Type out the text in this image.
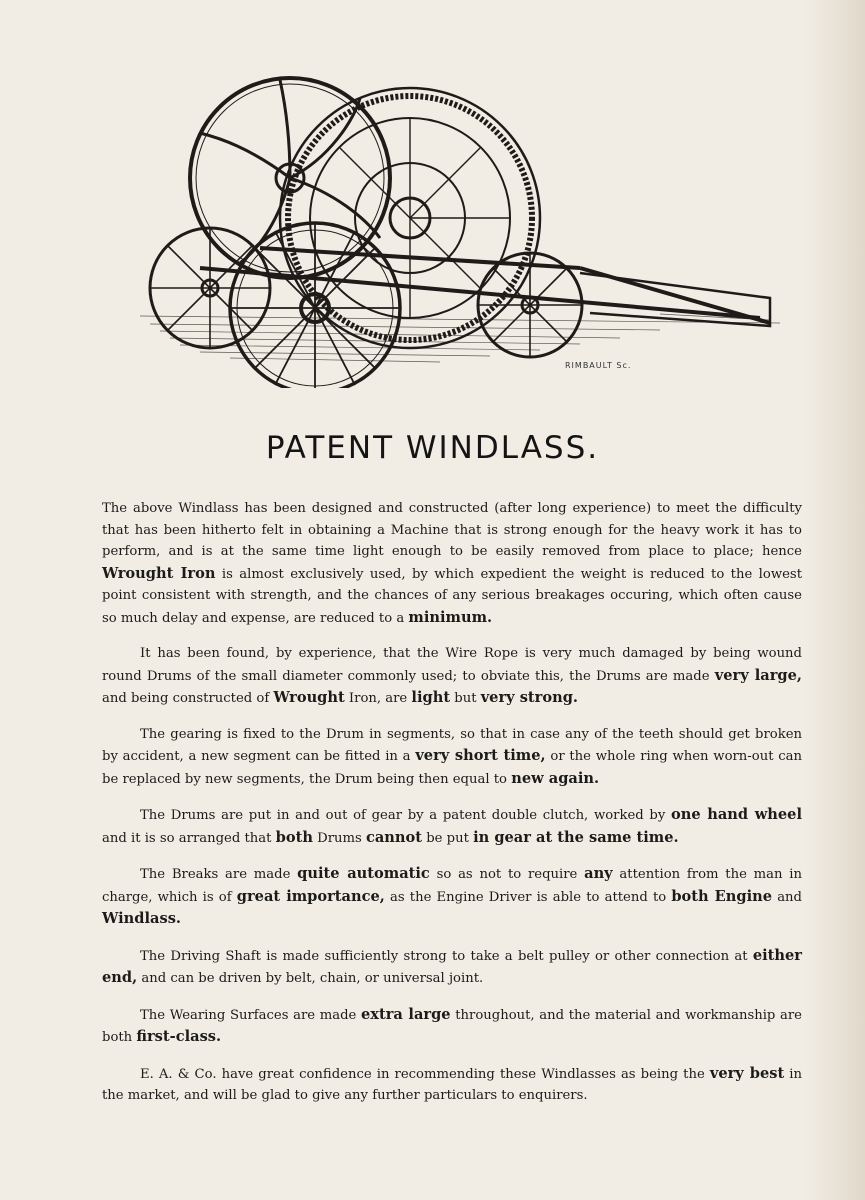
RIMBAULT Sc.
PATENT WINDLASS.

The above Windlass has been designed and constructed (after long experience) to meet the difficulty that has been hitherto felt in obtaining a Machine that is strong enough for the heavy work it has to perform, and is at the same time light enough to be easily removed from place to place; hence Wrought Iron is almost exclusively used, by which expedient the weight is reduced to the lowest point consistent with strength, and the chances of any serious breakages occuring, which often cause so much delay and expense, are reduced to a minimum.

It has been found, by experience, that the Wire Rope is very much damaged by being wound round Drums of the small diameter commonly used; to obviate this, the Drums are made very large, and being constructed of Wrought Iron, are light but very strong.

The gearing is fixed to the Drum in segments, so that in case any of the teeth should get broken by accident, a new segment can be fitted in a very short time, or the whole ring when worn-out can be replaced by new segments, the Drum being then equal to new again.

The Drums are put in and out of gear by a patent double clutch, worked by one hand wheel and it is so arranged that both Drums cannot be put in gear at the same time.

The Breaks are made quite automatic so as not to require any attention from the man in charge, which is of great importance, as the Engine Driver is able to attend to both Engine and Windlass.

The Driving Shaft is made sufficiently strong to take a belt pulley or other connection at either end, and can be driven by belt, chain, or universal joint.

The Wearing Surfaces are made extra large throughout, and the material and workmanship are both first-class.

E. A. & Co. have great confidence in recommending these Windlasses as being the very best in the market, and will be glad to give any further particulars to enquirers.
